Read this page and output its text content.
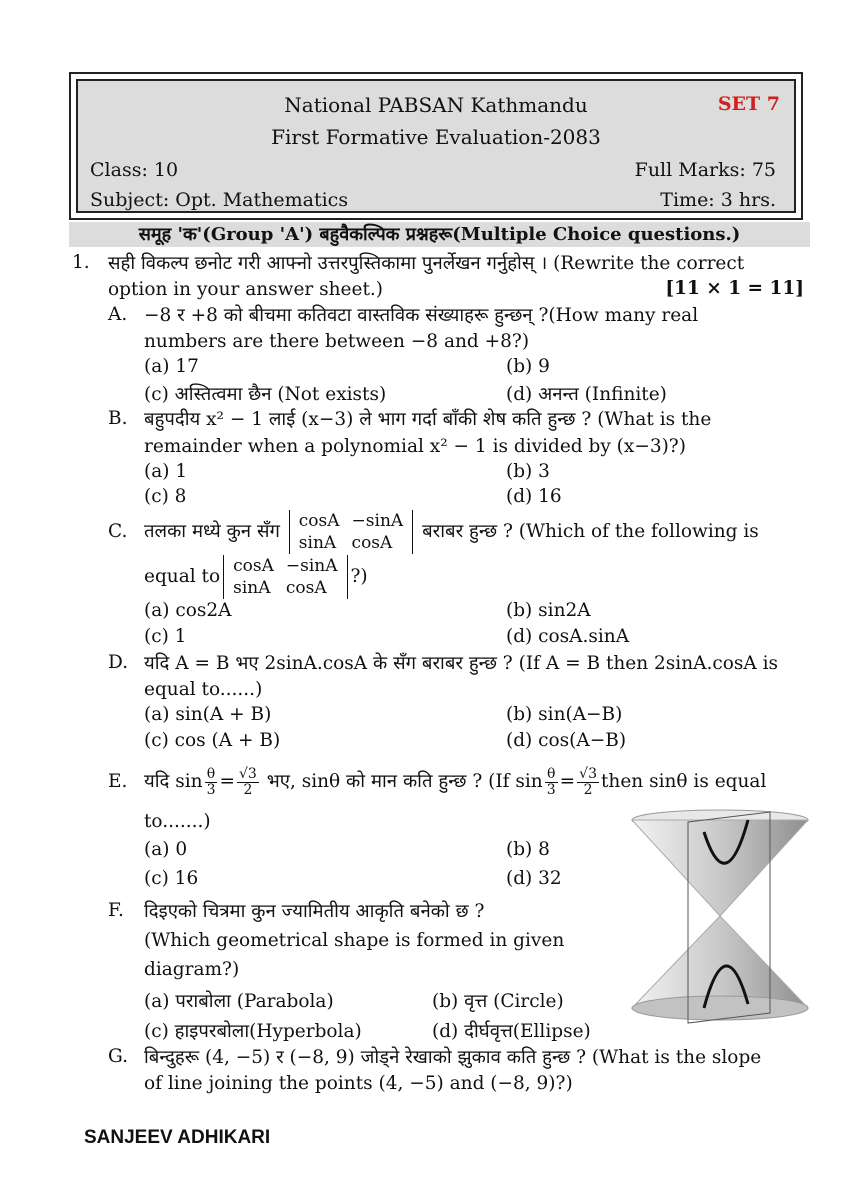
National PABSAN Kathmandu	SET 7
First Formative Evaluation-2083
Class: 10	Full Marks: 75
Subject: Opt. Mathematics	Time: 3 hrs.
समूह 'क'(Group 'A') बहुवैकल्पिक प्रश्नहरू(Multiple Choice questions.)
1. सही विकल्प छनोट गरी आफ्नो उत्तरपुस्तिकामा पुनर्लेखन गर्नुहोस् । (Rewrite the correct
option in your answer sheet.)	[11 × 1 = 11]
A. −8 र +8 को बीचमा कतिवटा वास्तविक संख्याहरू हुन्छन् ?(How many real
numbers are there between −8 and +8?)
(a) 17	(b) 9
(c) अस्तित्वमा छैन (Not exists)	(d) अनन्त (Infinite)
B. बहुपदीय x² − 1 लाई (x−3) ले भाग गर्दा बाँकी शेष कति हुन्छ ? (What is the
remainder when a polynomial x² − 1 is divided by (x−3)?)
(a) 1	(b) 3
(c) 8	(d) 16
C. तलका मध्ये कुन सँग cosA	−sinA
sinA	cosA
बराबर हुन्छ ? (Which of the following is
equal to cosA	−sinA
sinA	cosA
?)
(a) cos2A	(b) sin2A
(c) 1	(d) cosA.sinA
D. यदि A = B भए 2sinA.cosA के सँग बराबर हुन्छ ? (If A = B then 2sinA.cosA is
equal to......)
(a) sin(A + B)	(b) sin(A−B)
(c) cos (A + B)	(d) cos(A−B)
E. यदि $\sin \frac{\theta}{3} = \frac{√3}{2}$ भए, sinθ को मान कति हुन्छ ? (If $\sin \frac{\theta}{3} = \frac{√3}{2}$ then sinθ is equal
to.......)
(a) 0	(b) 8
(c) 16	(d) 32
F. दिइएको चित्रमा कुन ज्यामितीय आकृति बनेको छ ?
(Which geometrical shape is formed in given
diagram?)
(a) पराबोला (Parabola)	(b) वृत्त (Circle)
(c) हाइपरबोला(Hyperbola)	(d) दीर्घवृत्त(Ellipse)
G. बिन्दुहरू (4, −5) र (−8, 9) जोड्ने रेखाको झुकाव कति हुन्छ ? (What is the slope
of line joining the points (4, −5) and (−8, 9)?)
SANJEEV ADHIKARI
